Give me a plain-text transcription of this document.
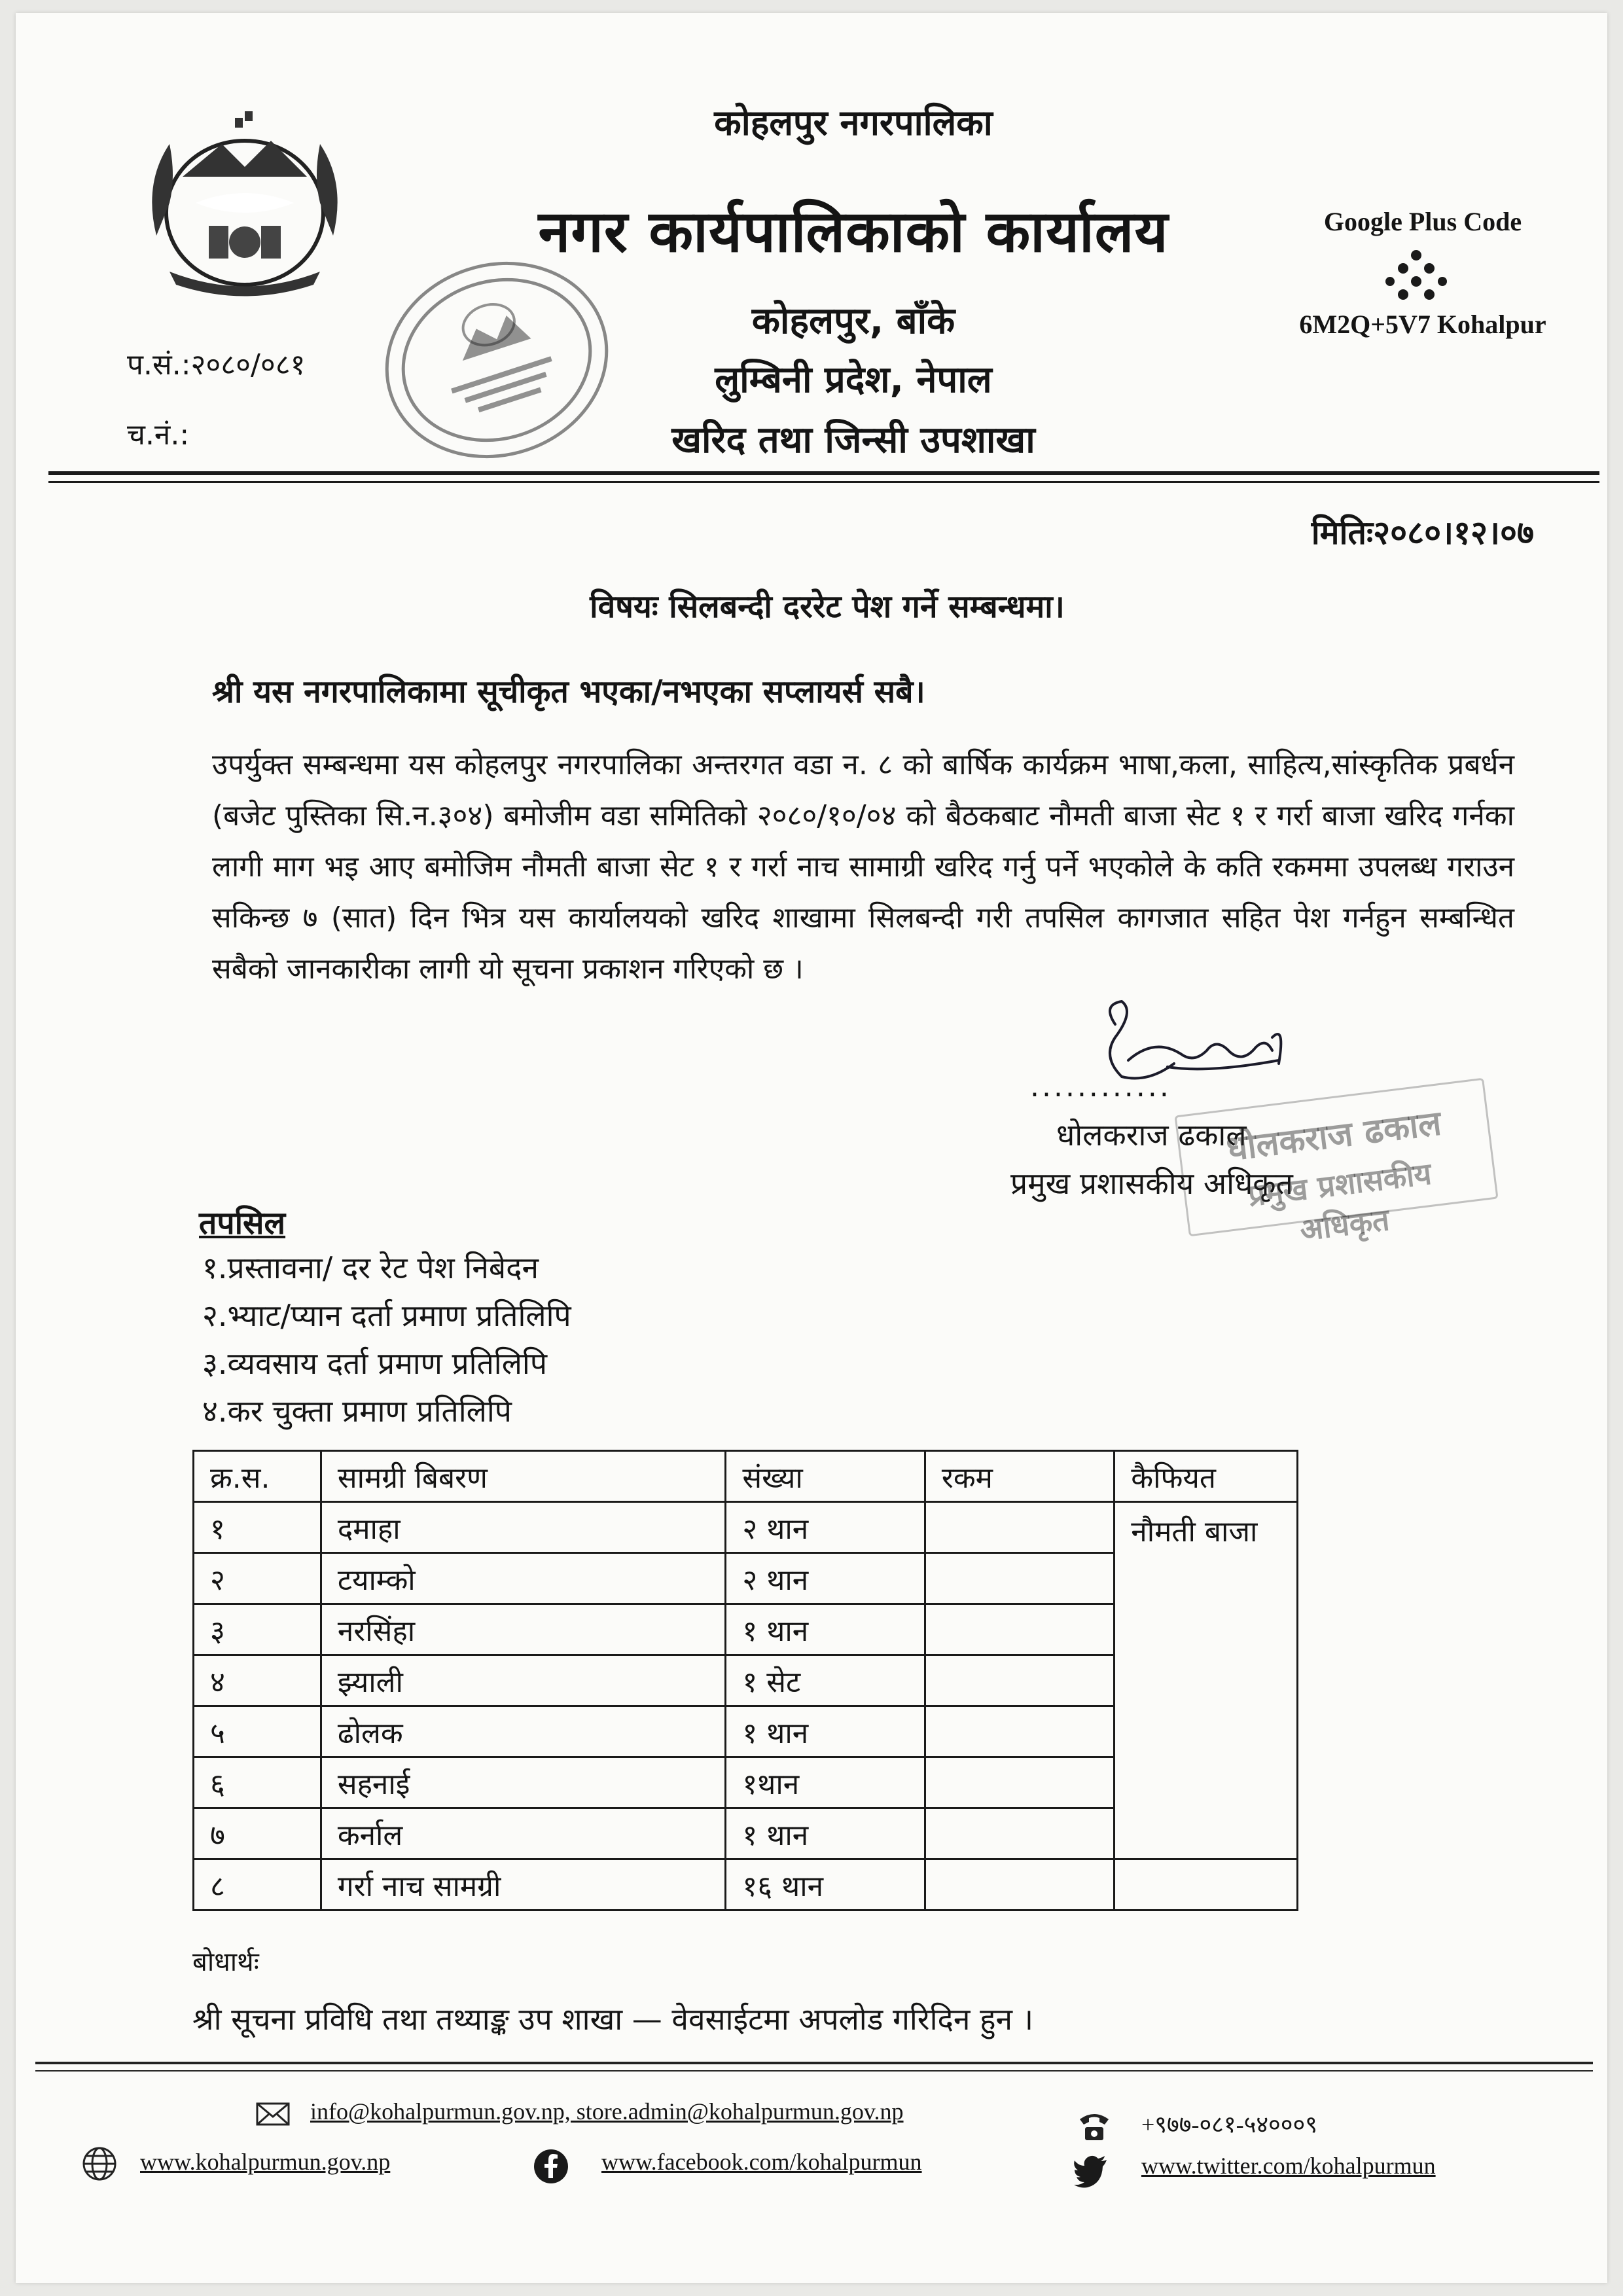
कोहलपुर नगरपालिका
नगर कार्यपालिकाको कार्यालय
कोहलपुर, बाँके
लुम्बिनी प्रदेश, नेपाल
खरिद तथा जिन्सी उपशाखा
Google Plus Code
6M2Q+5V7 Kohalpur
प.सं.:२०८०/०८१
च.नं.:
मितिः२०८०।१२।०७
विषयः सिलबन्दी दररेट पेश गर्ने सम्बन्धमा।
श्री यस नगरपालिकामा सूचीकृत भएका/नभएका सप्लायर्स सबै।
उपर्युक्त सम्बन्धमा यस कोहलपुर नगरपालिका अन्तरगत वडा न. ८ को बार्षिक कार्यक्रम भाषा,कला, साहित्य,सांस्कृतिक प्रबर्धन (बजेट पुस्तिका सि.न.३०४) बमोजीम वडा समितिको २०८०/१०/०४ को बैठकबाट नौमती बाजा सेट १ र गर्रा बाजा खरिद गर्नका लागी माग भइ आए बमोजिम नौमती बाजा सेट १ र गर्रा नाच सामाग्री खरिद गर्नु पर्ने भएकोले के कति रकममा उपलब्ध गराउन सकिन्छ ७ (सात) दिन भित्र यस कार्यालयको खरिद शाखामा सिलबन्दी गरी तपसिल कागजात सहित पेश गर्नहुन सम्बन्धित सबैको जानकारीका लागी यो सूचना प्रकाशन गरिएको छ ।
............
धोलकराज ढकाल
प्रमुख प्रशासकीय अधिकृत
धोलकराज ढकाल
प्रमुख प्रशासकीय अधिकृत
तपसिल
१.प्रस्तावना/ दर रेट पेश निबेदन
२.भ्याट/प्यान दर्ता प्रमाण प्रतिलिपि
३.व्यवसाय दर्ता प्रमाण प्रतिलिपि
४.कर चुक्ता प्रमाण प्रतिलिपि
क्र.स.	सामग्री बिबरण	संख्या	रकम	कैफियत
१	दमाहा	२ थान		नौमती बाजा
२	टयाम्को	२ थान		
३	नरसिंहा	१ थान		
४	झ्याली	१ सेट		
५	ढोलक	१ थान		
६	सहनाई	१थान		
७	कर्नाल	१ थान		
८	गर्रा नाच सामग्री	१६ थान		
बोधार्थः
श्री सूचना प्रविधि तथा तथ्याङ्क उप शाखा — वेवसाईटमा अपलोड गरिदिन हुन ।
info@kohalpurmun.gov.np, store.admin@kohalpurmun.gov.np	+९७७-०८१-५४०००९
www.kohalpurmun.gov.np	www.facebook.com/kohalpurmun	www.twitter.com/kohalpurmun
